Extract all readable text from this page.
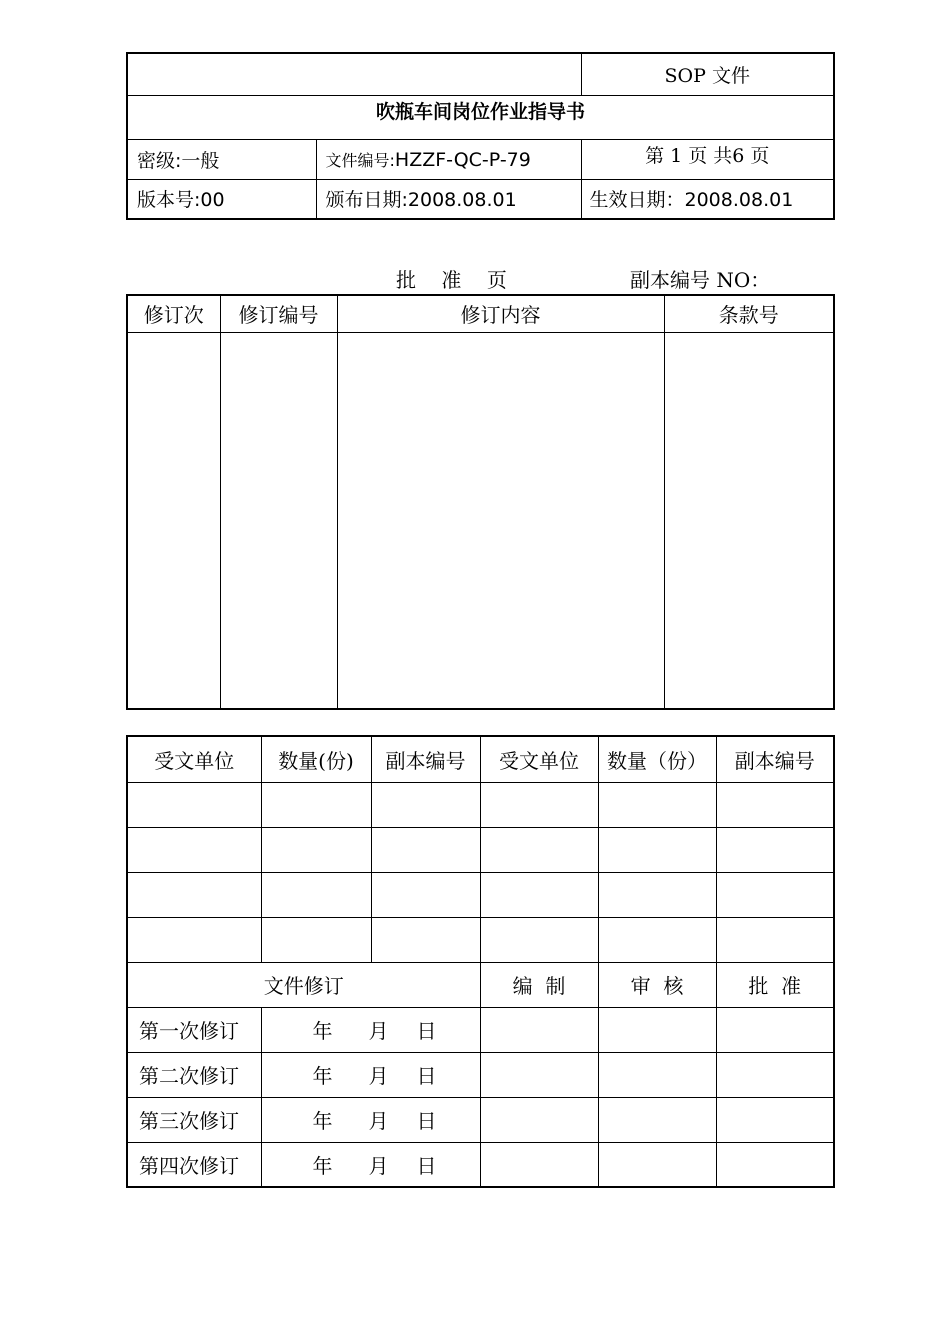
		SOP 文件
吹瓶车间岗位作业指导书		
密级:一般	文件编号:HZZF-QC-P-79	第 1 页 共6 页
版本号:00	颁布日期:2008.08.01	生效日期：2008.08.01
批    准    页	副本编号 NO：
修订次	修订编号	修订内容	条款号

受文单位	数量(份)	副本编号	受文单位	数量（份）	副本编号

文件修订			编  制	审  核	批  准
第一次修订	年 月 日				
第二次修订	年 月 日				
第三次修订	年 月 日				
第四次修订	年 月 日				
